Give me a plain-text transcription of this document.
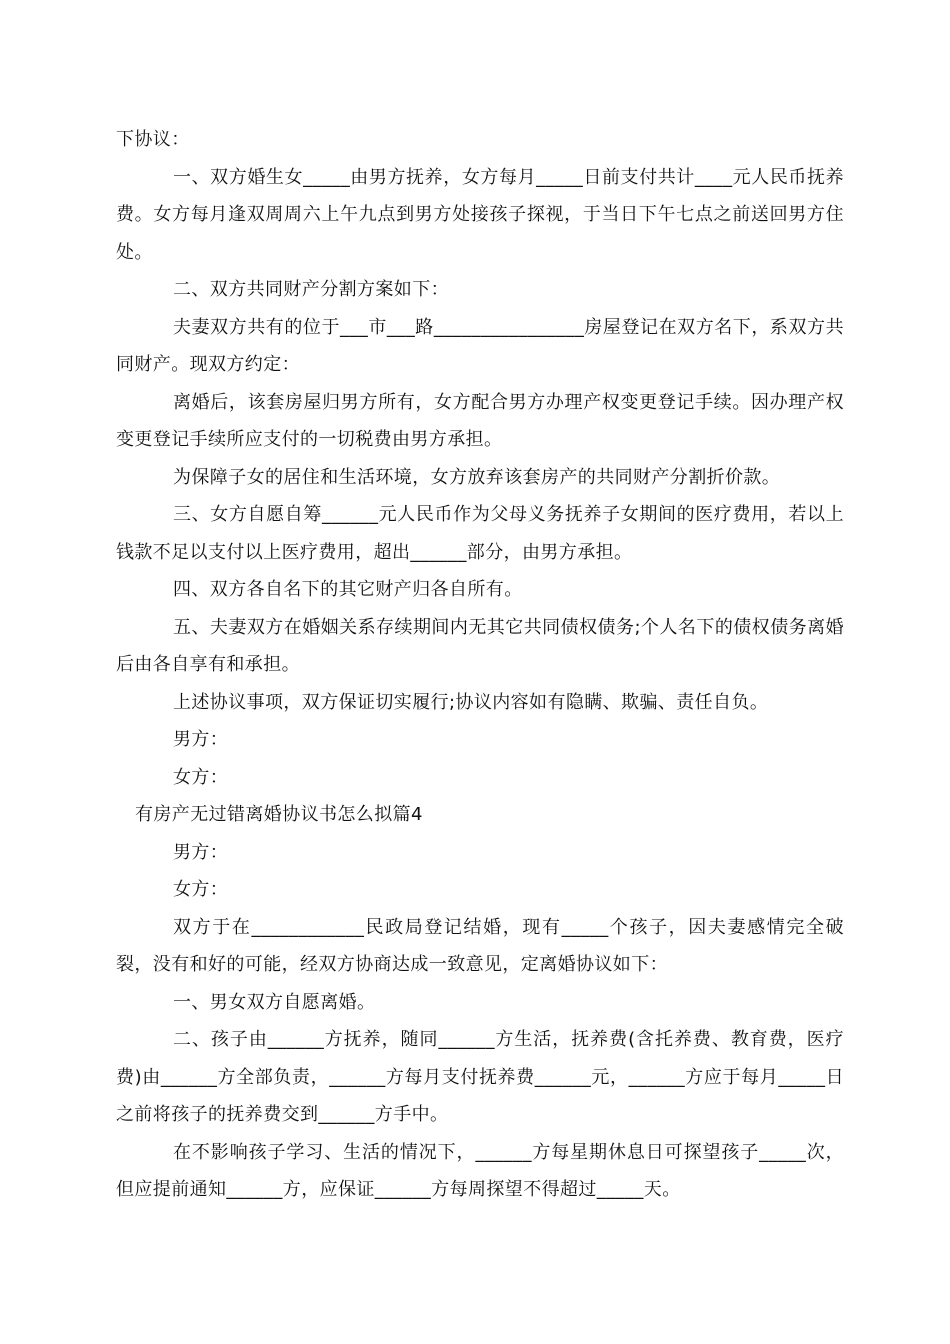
下协议：

一、双方婚生女_____由男方抚养，女方每月_____日前支付共计____元人民币抚养费。女方每月逢双周周六上午九点到男方处接孩子探视，于当日下午七点之前送回男方住处。

二、双方共同财产分割方案如下：

夫妻双方共有的位于___市___路________________房屋登记在双方名下，系双方共同财产。现双方约定：

离婚后，该套房屋归男方所有，女方配合男方办理产权变更登记手续。因办理产权变更登记手续所应支付的一切税费由男方承担。

为保障子女的居住和生活环境，女方放弃该套房产的共同财产分割折价款。

三、女方自愿自筹______元人民币作为父母义务抚养子女期间的医疗费用，若以上钱款不足以支付以上医疗费用，超出______部分，由男方承担。

四、双方各自名下的其它财产归各自所有。

五、夫妻双方在婚姻关系存续期间内无其它共同债权债务;个人名下的债权债务离婚后由各自享有和承担。

上述协议事项，双方保证切实履行;协议内容如有隐瞒、欺骗、责任自负。

男方：

女方：

有房产无过错离婚协议书怎么拟篇4

男方：

女方：

双方于在____________民政局登记结婚，现有_____个孩子，因夫妻感情完全破裂，没有和好的可能，经双方协商达成一致意见，定离婚协议如下：

一、男女双方自愿离婚。

二、孩子由______方抚养，随同______方生活，抚养费(含托养费、教育费，医疗费)由______方全部负责，______方每月支付抚养费______元，______方应于每月_____日之前将孩子的抚养费交到______方手中。

在不影响孩子学习、生活的情况下，______方每星期休息日可探望孩子_____次，但应提前通知______方，应保证______方每周探望不得超过_____天。
